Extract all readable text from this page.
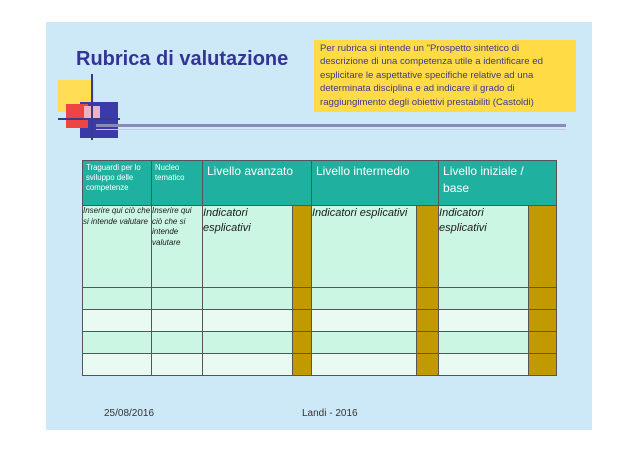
Rubrica di valutazione	Per rubrica si intende un "Prospetto sintetico di descrizione di una competenza utile a identificare ed esplicitare le aspettative specifiche relative ad una determinata disciplina e ad indicare il grado di raggiungimento degli obiettivi prestabiliti (Castoldi)
Traguardi per lo sviluppo delle competenze	Nucleo tematico	Livello avanzato		Livello intermedio		Livello iniziale / base	
Inserire qui ciò che si intende valutare	Inserire qui ciò che si intende valutare	Indicatori esplicativi		Indicatori esplicativi		Indicatori esplicativi	

25/08/2016	Landi - 2016
